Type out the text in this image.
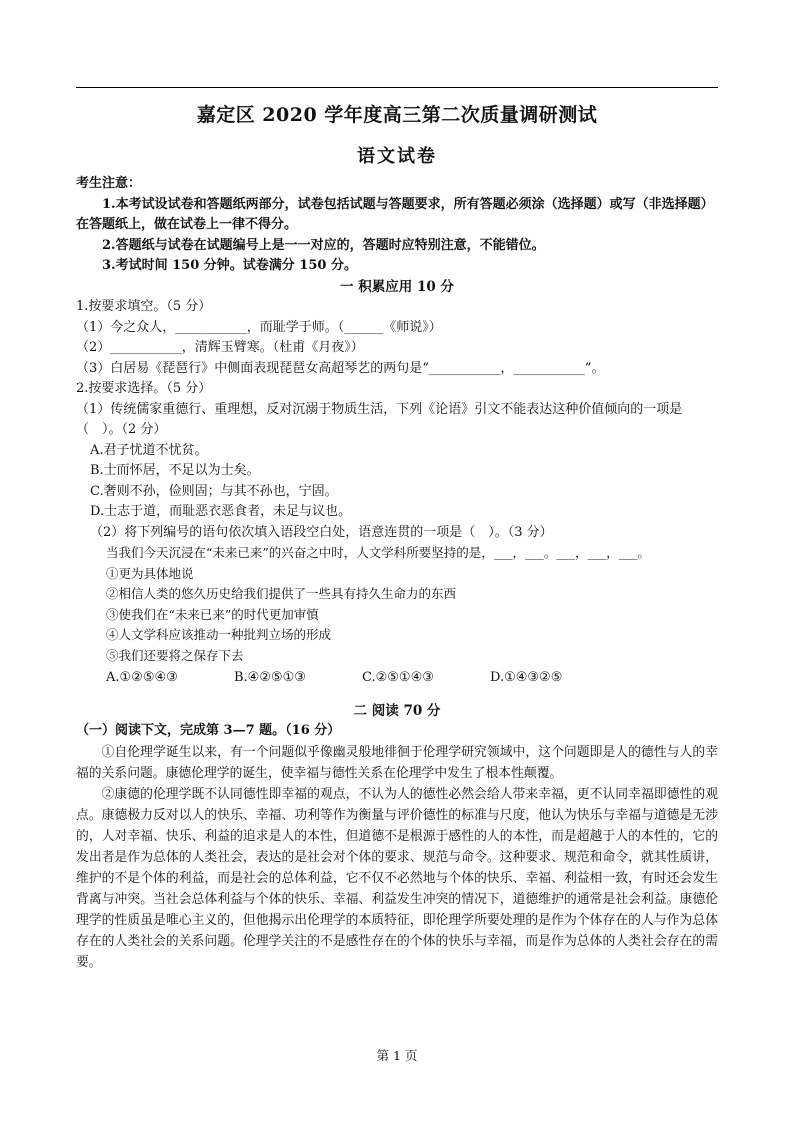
嘉定区 2020 学年度高三第二次质量调研测试
语文试卷
考生注意：
1.本考试设试卷和答题纸两部分，试卷包括试题与答题要求，所有答题必须涂（选择题）或写（非选择题）在答题纸上，做在试卷上一律不得分。
2.答题纸与试卷在试题编号上是一一对应的，答题时应特别注意，不能错位。
3.考试时间 150 分钟。试卷满分 150 分。
一 积累应用 10 分
1.按要求填空。（5 分）
（1）今之众人，___________，而耻学于师。（______《师说》）
（2）___________，清辉玉臂寒。（杜甫《月夜》）
（3）白居易《琵琶行》中侧面表现琵琶女高超琴艺的两句是“___________，___________”。
2.按要求选择。（5 分）
（1）传统儒家重德行、重理想，反对沉溺于物质生活，下列《论语》引文不能表达这种价值倾向的一项是（　）。（2 分）
A.君子忧道不忧贫。
B.士而怀居，不足以为士矣。
C.奢则不孙，俭则固；与其不孙也，宁固。
D.士志于道，而耻恶衣恶食者，未足与议也。
（2）将下列编号的语句依次填入语段空白处，语意连贯的一项是（　）。（3 分）
当我们今天沉浸在“未来已来”的兴奋之中时，人文学科所要坚持的是，___，___。___，___，___。
①更为具体地说
②相信人类的悠久历史给我们提供了一些具有持久生命力的东西
③使我们在“未来已来”的时代更加审慎
④人文学科应该推动一种批判立场的形成
⑤我们还要将之保存下去
A.①②⑤④③	B.④②⑤①③	C.②⑤①④③	D.①④③②⑤
二 阅读 70 分
（一）阅读下文，完成第 3—7 题。（16 分）

①自伦理学诞生以来，有一个问题似乎像幽灵般地徘徊于伦理学研究领域中，这个问题即是人的德性与人的幸福的关系问题。康德伦理学的诞生，使幸福与德性关系在伦理学中发生了根本性颠覆。

②康德的伦理学既不认同德性即幸福的观点，不认为人的德性必然会给人带来幸福，更不认同幸福即德性的观点。康德极力反对以人的快乐、幸福、功利等作为衡量与评价德性的标准与尺度，他认为快乐与幸福与道德是无涉的，人对幸福、快乐、利益的追求是人的本性，但道德不是根源于感性的人的本性，而是超越于人的本性的，它的发出者是作为总体的人类社会，表达的是社会对个体的要求、规范与命令。这种要求、规范和命令，就其性质讲，维护的不是个体的利益，而是社会的总体利益，它不仅不必然地与个体的快乐、幸福、利益相一致，有时还会发生背离与冲突。当社会总体利益与个体的快乐、幸福、利益发生冲突的情况下，道德维护的通常是社会利益。康德伦理学的性质虽是唯心主义的，但他揭示出伦理学的本质特征，即伦理学所要处理的是作为个体存在的人与作为总体存在的人类社会的关系问题。伦理学关注的不是感性存在的个体的快乐与幸福，而是作为总体的人类社会存在的需要。

第 1 页
